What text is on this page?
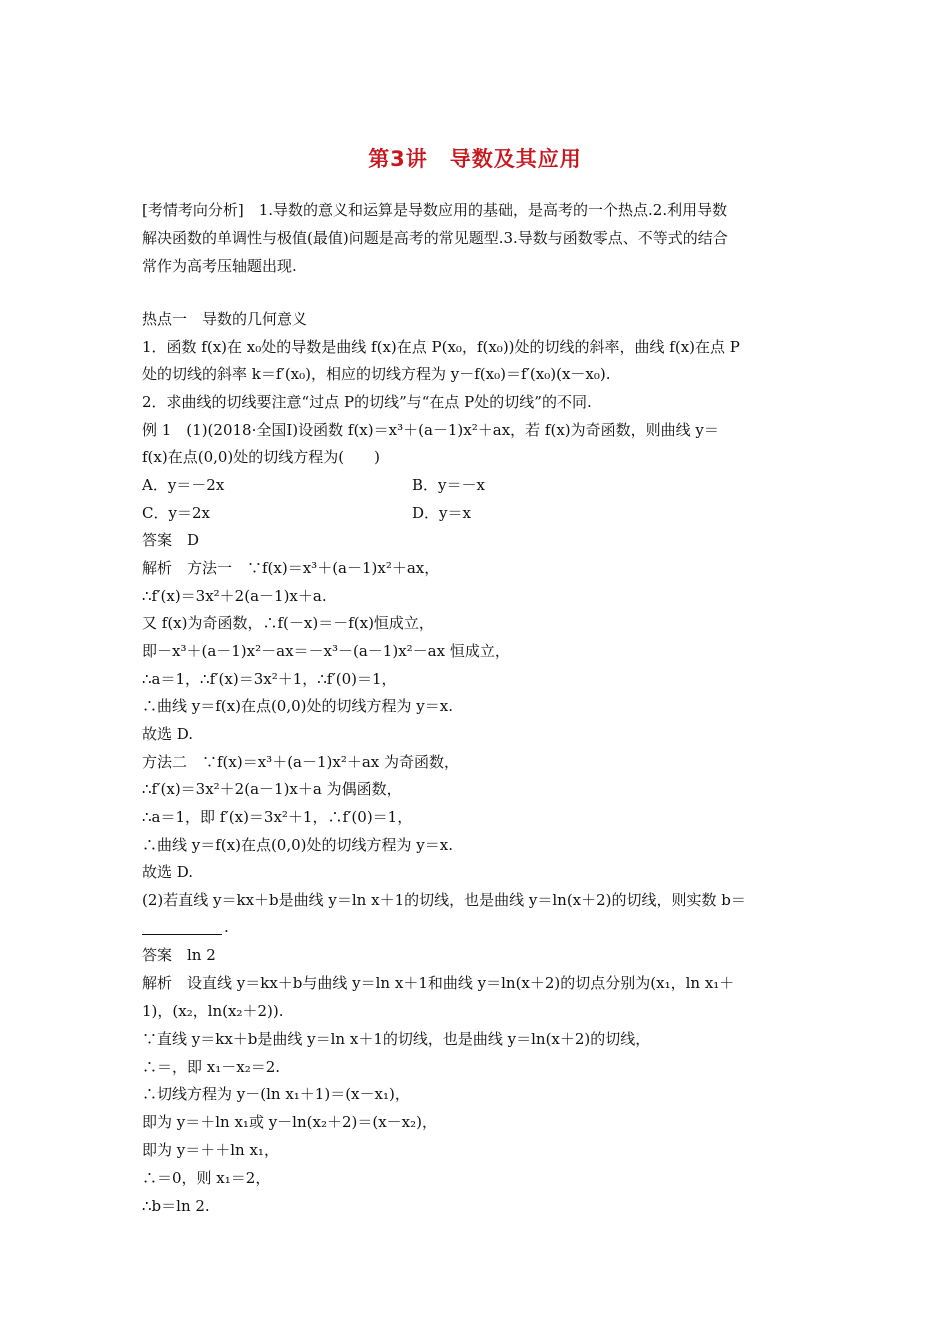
第3讲　导数及其应用
[考情考向分析]　1.导数的意义和运算是导数应用的基础，是高考的一个热点.2.利用导数
解决函数的单调性与极值(最值)问题是高考的常见题型.3.导数与函数零点、不等式的结合
常作为高考压轴题出现.
热点一　导数的几何意义
1．函数 f(x)在 x₀处的导数是曲线 f(x)在点 P(x₀，f(x₀))处的切线的斜率，曲线 f(x)在点 P
处的切线的斜率 k＝f′(x₀)，相应的切线方程为 y－f(x₀)＝f′(x₀)(x－x₀).
2．求曲线的切线要注意“过点 P的切线”与“在点 P处的切线”的不同.
例 1　(1)(2018·全国Ⅰ)设函数 f(x)＝x³＋(a－1)x²＋ax，若 f(x)为奇函数，则曲线 y＝
f(x)在点(0,0)处的切线方程为(　　)
A．y＝－2x	B．y＝－x
C．y＝2x	D．y＝x
答案　D
解析　方法一　∵f(x)＝x³＋(a－1)x²＋ax，
∴f′(x)＝3x²＋2(a－1)x＋a.
又 f(x)为奇函数，∴f(－x)＝－f(x)恒成立，
即－x³＋(a－1)x²－ax＝－x³－(a－1)x²－ax 恒成立，
∴a＝1，∴f′(x)＝3x²＋1，∴f′(0)＝1，
∴曲线 y＝f(x)在点(0,0)处的切线方程为 y＝x.
故选 D.
方法二　∵f(x)＝x³＋(a－1)x²＋ax 为奇函数，
∴f′(x)＝3x²＋2(a－1)x＋a 为偶函数，
∴a＝1，即 f′(x)＝3x²＋1，∴f′(0)＝1，
∴曲线 y＝f(x)在点(0,0)处的切线方程为 y＝x.
故选 D.
(2)若直线 y＝kx＋b是曲线 y＝ln x＋1的切线，也是曲线 y＝ln(x＋2)的切线，则实数 b＝
.
答案　ln 2
解析　设直线 y＝kx＋b与曲线 y＝ln x＋1和曲线 y＝ln(x＋2)的切点分别为(x₁，ln x₁＋
1)，(x₂，ln(x₂＋2)).
∵直线 y＝kx＋b是曲线 y＝ln x＋1的切线，也是曲线 y＝ln(x＋2)的切线，
∴＝，即 x₁－x₂＝2.
∴切线方程为 y－(ln x₁＋1)＝(x－x₁)，
即为 y＝＋ln x₁或 y－ln(x₂＋2)＝(x－x₂)，
即为 y＝＋＋ln x₁，
∴＝0，则 x₁＝2，
∴b＝ln 2.
